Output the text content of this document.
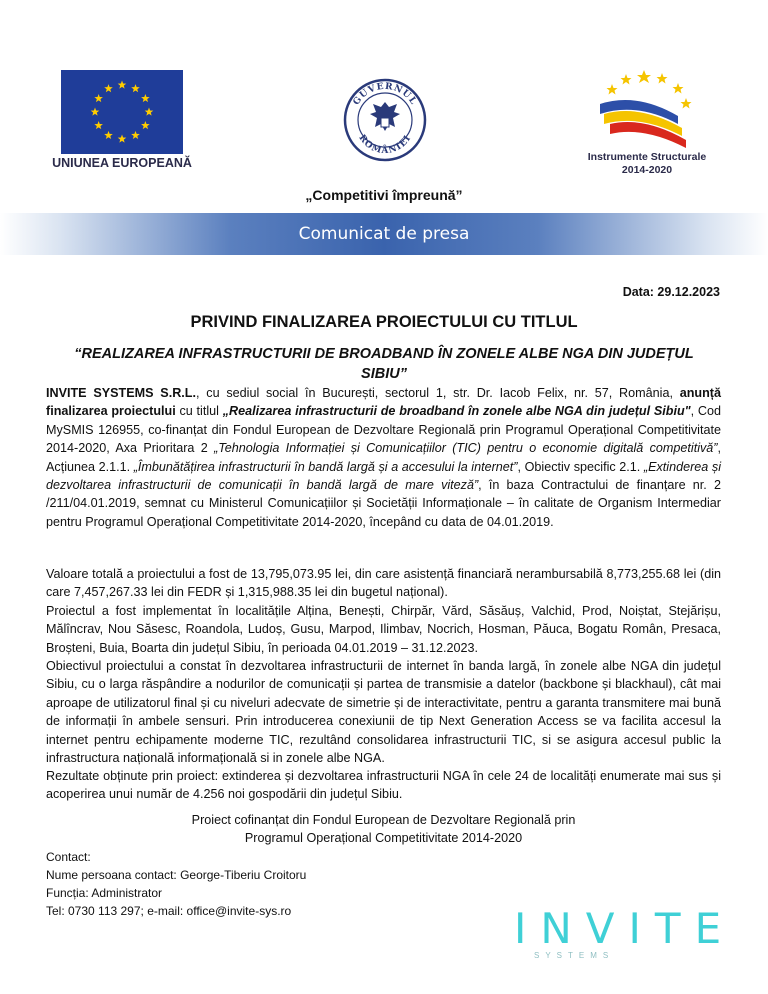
UNIUNEA EUROPEANĂ
GUVERNUL
ROMÂNIEI
Instrumente Structurale
2014-2020
„Competitivi împreună”
Comunicat de presa
Data: 29.12.2023
PRIVIND FINALIZAREA PROIECTULUI CU TITLUL
“REALIZAREA INFRASTRUCTURII DE BROADBAND ÎN ZONELE ALBE NGA DIN JUDEȚUL SIBIU”

INVITE SYSTEMS S.R.L., cu sediul social în București, sectorul 1, str. Dr. Iacob Felix, nr. 57, România, anunță finalizarea proiectului cu titlul „Realizarea infrastructurii de broadband în zonele albe NGA din județul Sibiu", Cod MySMIS 126955, co-finanțat din Fondul European de Dezvoltare Regională prin Programul Operațional Competitivitate 2014-2020, Axa Prioritara 2 „Tehnologia Informației și Comunicațiilor (TIC) pentru o economie digitală competitivă”, Acțiunea 2.1.1. „Îmbunătățirea infrastructurii în bandă largă și a accesului la internet”, Obiectiv specific 2.1. „Extinderea și dezvoltarea infrastructurii de comunicații în bandă largă de mare viteză”, în baza Contractului de finanțare nr. 2 /211/04.01.2019, semnat cu Ministerul Comunicațiilor și Societății Informaționale – în calitate de Organism Intermediar pentru Programul Operațional Competitivitate 2014-2020, începând cu data de 04.01.2019.

Valoare totală a proiectului a fost de 13,795,073.95 lei, din care asistență financiară nerambursabilă 8,773,255.68 lei (din care 7,457,267.33 lei din FEDR și 1,315,988.35 lei din bugetul național).

Proiectul a fost implementat în localitățile Alțina, Benești, Chirpăr, Vărd, Săsăuș, Valchid, Prod, Noiștat, Stejărișu, Mălîncrav, Nou Săsesc, Roandola, Ludoș, Gusu, Marpod, Ilimbav, Nocrich, Hosman, Păuca, Bogatu Român, Presaca, Broșteni, Buia, Boarta din județul Sibiu, în perioada 04.01.2019 – 31.12.2023.

Obiectivul proiectului a constat în dezvoltarea infrastructurii de internet în banda largă, în zonele albe NGA din județul Sibiu, cu o larga răspândire a nodurilor de comunicații și partea de transmisie a datelor (backbone și blackhaul), cât mai aproape de utilizatorul final și cu niveluri adecvate de simetrie și de interactivitate, pentru a garanta transmitere mai bună de informații în ambele sensuri. Prin introducerea conexiunii de tip Next Generation Access se va facilita accesul la internet pentru echipamente moderne TIC, rezultând consolidarea infrastructurii TIC, si se asigura accesul public la infrastructura națională informațională si in zonele albe NGA.

Rezultate obținute prin proiect: extinderea și dezvoltarea infrastructurii NGA în cele 24 de localități enumerate mai sus și acoperirea unui număr de 4.256 noi gospodării din județul Sibiu.

Proiect cofinanțat din Fondul European de Dezvoltare Regională prin
Programul Operațional Competitivitate 2014-2020
Contact:
Nume persoana contact: George-Tiberiu Croitoru
Funcția: Administrator
Tel: 0730 113 297; e-mail: office@invite-sys.ro	INVITE
SYSTEMS
